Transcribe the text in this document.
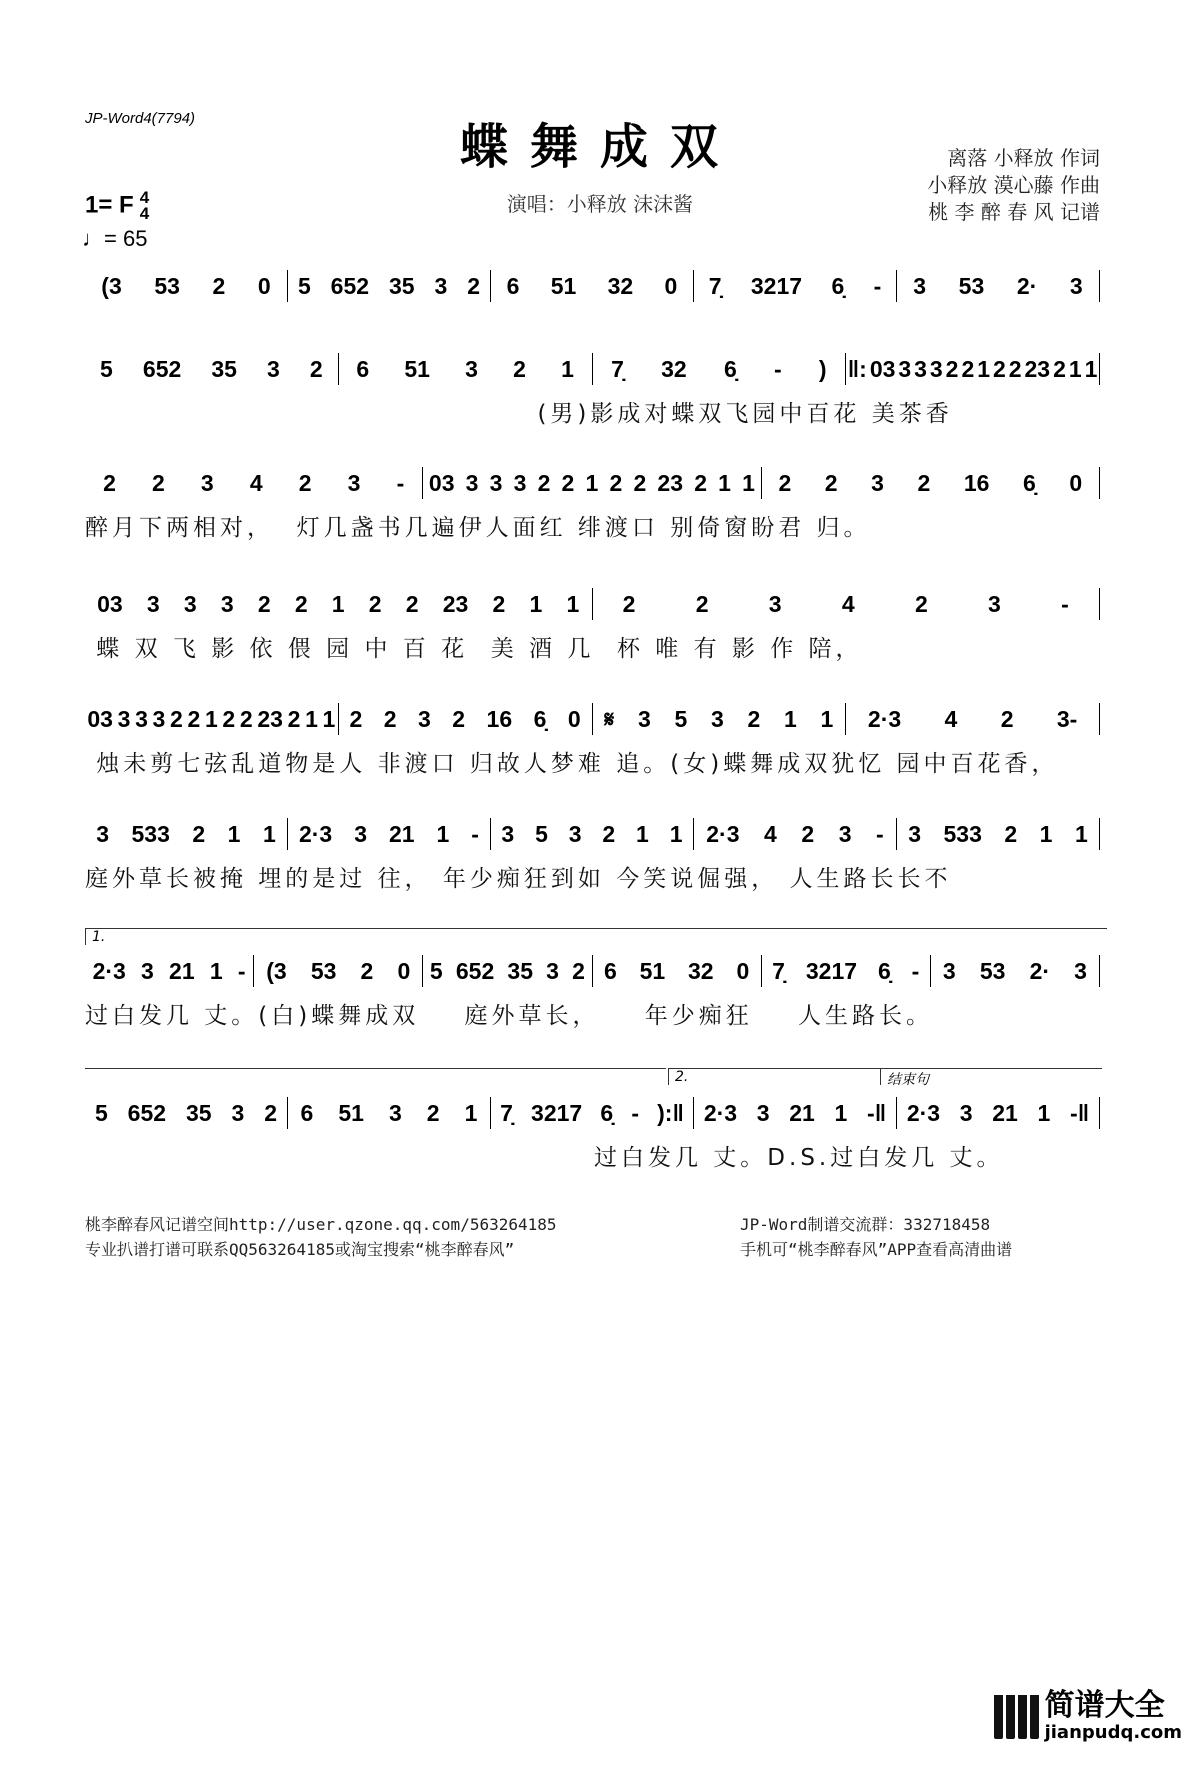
JP-Word4(7794)
蝶舞成双
演唱：小释放 沫沫酱
离落 小释放 作词
小释放 漠心藤 作曲
桃 李 醉 春 风 记谱
1= F 4
4
♩= 65
(3 53 2 0 5 652 35 3 2 6 51 32 0 7̣ 3217 6̣ - 3 53 2· 3
5 652 35 3 2 6 51 3 2 1 7̣ 32 6̣ - ) ‖: 03 3 3 3 2 2 1 2 2 23 2 1 1
(男)影成对蝶双飞园中百花 美茶香
2 2 3 4 2 3 - 03 3 3 3 2 2 1 2 2 23 2 1 1 2 2 3 2 16 6̣ 0
醉月下两相对，  灯几盏书几遍伊人面红 绯渡口 别倚窗盼君 归。
03 3 3 3 2 2 1 2 2 23 2 1 1 2	2	3	4	2	3	-
蝶 双 飞 影 依 偎 园 中 百 花  美 酒 几  杯 唯 有 影 作 陪，
03 3 3 3 2 2 1 2 2 23 2 1 1 2 2 3 2 16 6̣ 0 𝄋 3 5 3 2 1 1 2·3 4 2 3-
烛未剪七弦乱道物是人 非渡口 归故人梦难 追。(女)蝶舞成双犹忆 园中百花香，
3 533 2 1 1 2·3 3 21 1 - 3 5 3 2 1 1 2·3 4 2 3 - 3 533 2 1 1
庭外草长被掩 埋的是过 往， 年少痴狂到如 今笑说倔强， 人生路长长不
2·3 3 21 1 - (3 53 2 0 5 652 35 3 2 6 51 32 0 7̣ 3217 6̣ - 3 53 2· 3
过白发几 丈。(白)蝶舞成双    庭外草长，    年少痴狂    人生路长。
5 652 35 3 2 6 51 3 2 1 7̣ 3217 6̣ - ):‖ 2·3 3 21 1 -‖ 2·3 3 21 1 -‖
过白发几 丈。D.S.过白发几 丈。
1.
2.	结束句
桃李醉春风记谱空间http://user.qzone.qq.com/563264185
专业扒谱打谱可联系QQ563264185或淘宝搜索“桃李醉春风”
JP-Word制谱交流群：332718458
手机可“桃李醉春风”APP查看高清曲谱
简谱大全
jianpudq.com
